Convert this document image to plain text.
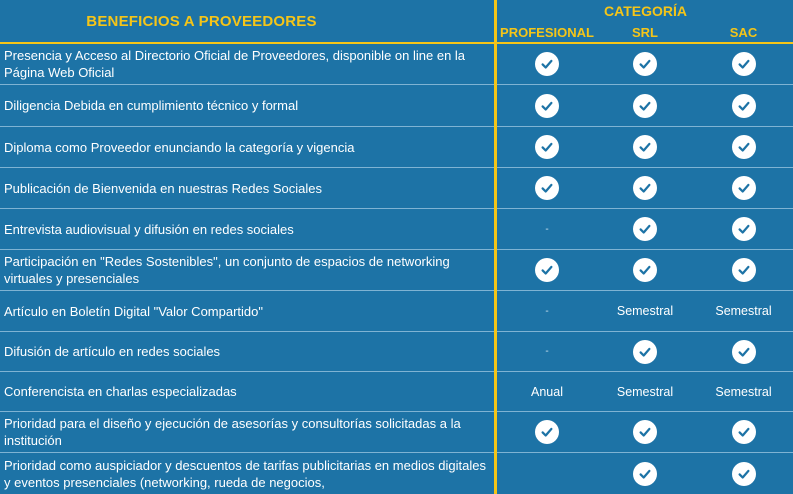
BENEFICIOS A PROVEEDORES
CATEGORÍA
PROFESIONAL	SRL	SAC
Presencia y Acceso al Directorio Oficial de Proveedores, disponible on line en la Página Web Oficial
Diligencia Debida en cumplimiento técnico y formal
Diploma como Proveedor enunciando la categoría y vigencia
Publicación de Bienvenida en nuestras Redes Sociales
Entrevista audiovisual y difusión en redes sociales	-
Participación en "Redes Sostenibles", un conjunto de espacios de networking virtuales y presenciales
Artículo en Boletín Digital "Valor Compartido"	-	Semestral	Semestral
Difusión de artículo en redes sociales	-
Conferencista en charlas especializadas	Anual	Semestral	Semestral
Prioridad para el diseño y ejecución de asesorías y consultorías solicitadas a la institución
Prioridad como auspiciador y descuentos de tarifas publicitarias en medios digitales y eventos presenciales (networking, rueda de negocios,
